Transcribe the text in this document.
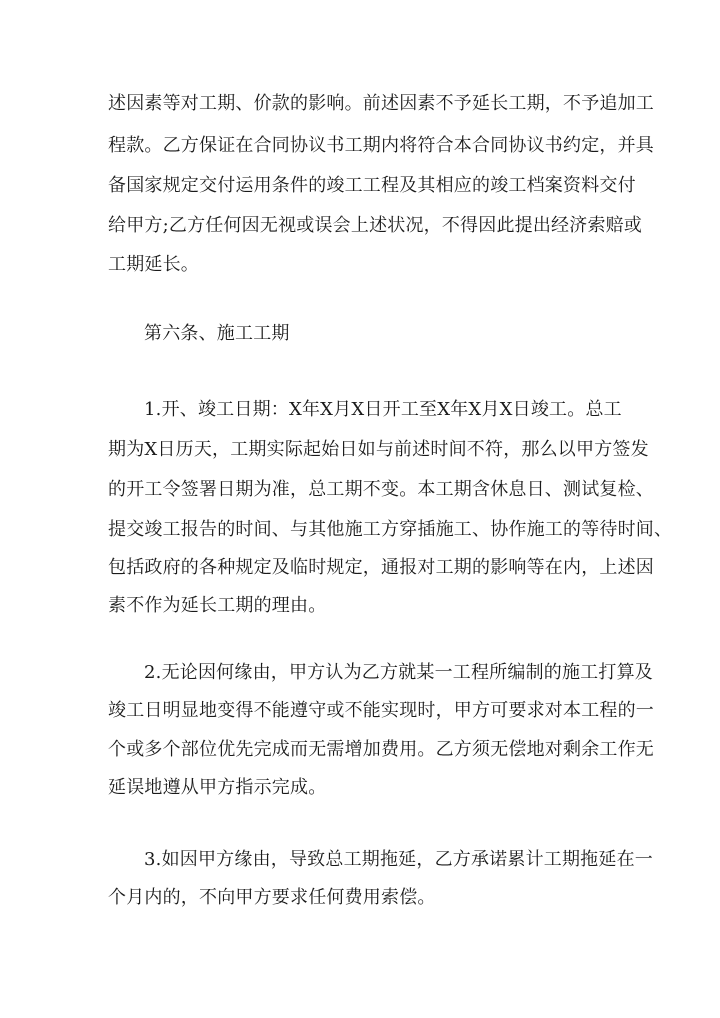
述因素等对工期、价款的影响。前述因素不予延长工期，不予追加工
程款。乙方保证在合同协议书工期内将符合本合同协议书约定，并具
备国家规定交付运用条件的竣工工程及其相应的竣工档案资料交付
给甲方;乙方任何因无视或误会上述状况，不得因此提出经济索赔或
工期延长。
第六条、施工工期
1.开、竣工日期：X年X月X日开工至X年X月X日竣工。总工
期为X日历天，工期实际起始日如与前述时间不符，那么以甲方签发
的开工令签署日期为准，总工期不变。本工期含休息日、测试复检、
提交竣工报告的时间、与其他施工方穿插施工、协作施工的等待时间、
包括政府的各种规定及临时规定，通报对工期的影响等在内，上述因
素不作为延长工期的理由。
2.无论因何缘由，甲方认为乙方就某一工程所编制的施工打算及
竣工日明显地变得不能遵守或不能实现时，甲方可要求对本工程的一
个或多个部位优先完成而无需增加费用。乙方须无偿地对剩余工作无
延误地遵从甲方指示完成。
3.如因甲方缘由，导致总工期拖延，乙方承诺累计工期拖延在一
个月内的，不向甲方要求任何费用索偿。
